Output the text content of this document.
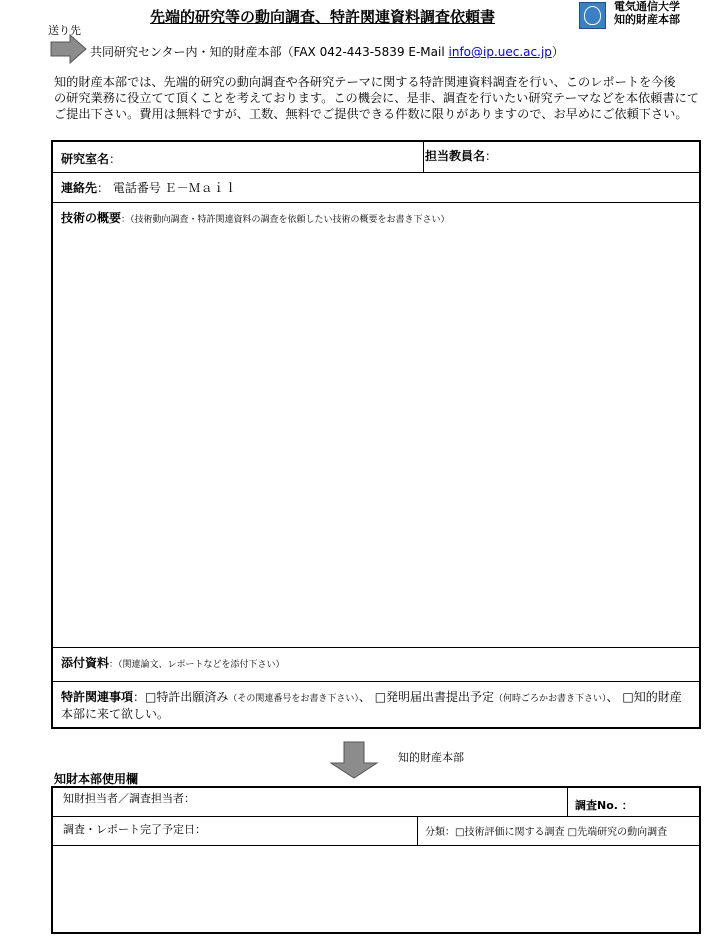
先端的研究等の動向調査、特許関連資料調査依頼書
電気通信大学
知的財産本部
送り先
共同研究センター内・知的財産本部（FAX 042-443-5839 E-Mail info@ip.uec.ac.jp）
知的財産本部では、先端的研究の動向調査や各研究テーマに関する特許関連資料調査を行い、このレポートを今後
の研究業務に役立てて頂くことを考えております。この機会に、是非、調査を行いたい研究テーマなどを本依頼書にて
ご提出下さい。費用は無料ですが、工数、無料でご提供できる件数に限りがありますので、お早めにご依頼下さい。
研究室名：	担当教員名：
連絡先： 電話番号 Ｅ－Ｍａｉｌ
技術の概要：（技術動向調査・特許関連資料の調査を依頼したい技術の概要をお書き下さい）
添付資料：（関連論文、レポートなどを添付下さい）
特許関連事項：□特許出願済み（その関連番号をお書き下さい）、 □発明届出書提出予定（何時ごろかお書き下さい）、 □知的財産
本部に来て欲しい。
知的財産本部
知財本部使用欄
知財担当者／調査担当者：
調査No. ：
調査・レポート完了予定日：	分類：□技術評価に関する調査 □先端研究の動向調査
